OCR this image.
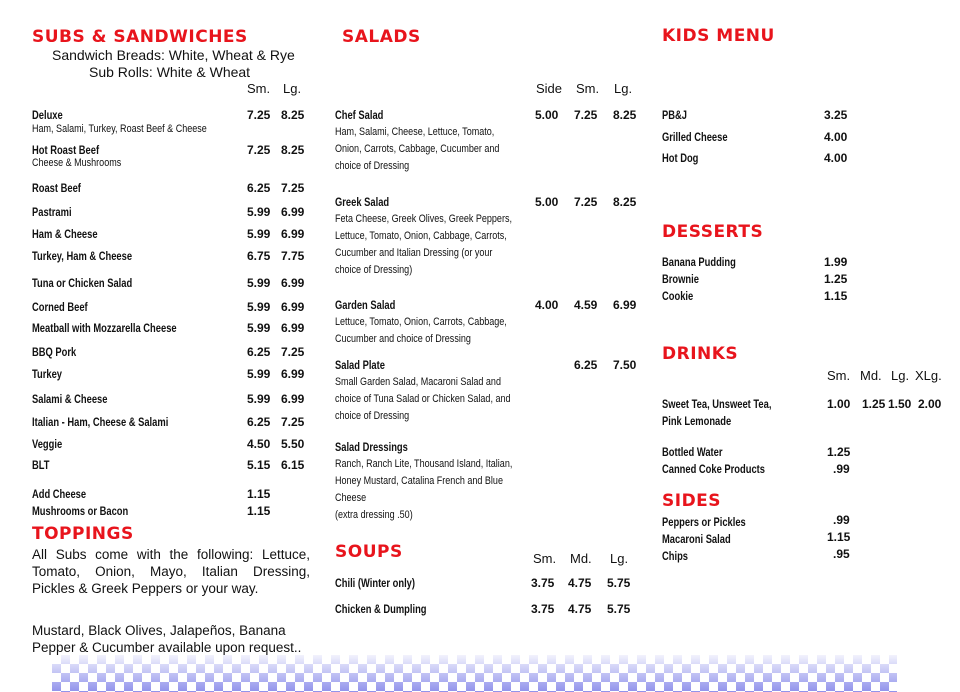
SUBS & SANDWICHES
Sandwich Breads: White, Wheat & Rye
Sub Rolls: White & Wheat
Sm. Lg.
Deluxe
Ham, Salami, Turkey, Roast Beef & Cheese
7.25 8.25
Hot Roast Beef
Cheese & Mushrooms
7.25 8.25
Roast Beef	6.25 7.25
Pastrami	5.99 6.99
Ham & Cheese	5.99 6.99
Turkey, Ham & Cheese	6.75 7.75
Tuna or Chicken Salad	5.99 6.99
Corned Beef	5.99 6.99
Meatball with Mozzarella Cheese	5.99 6.99
BBQ Pork	6.25 7.25
Turkey	5.99 6.99
Salami & Cheese	5.99 6.99
Italian - Ham, Cheese & Salami	6.25 7.25
Veggie	4.50 5.50
BLT	5.15 6.15
Add Cheese	1.15
Mushrooms or Bacon	1.15
TOPPINGS
All Subs come with the following: Lettuce, Tomato, Onion, Mayo, Italian Dressing, Pickles & Greek Peppers or your way.
Mustard, Black Olives, Jalapeños, Banana Pepper & Cucumber available upon request..
SALADS
Side Sm. Lg.
Chef Salad
Ham, Salami, Cheese, Lettuce, Tomato,
Onion, Carrots, Cabbage, Cucumber and
choice of Dressing
5.00 7.25 8.25
Greek Salad
Feta Cheese, Greek Olives, Greek Peppers,
Lettuce, Tomato, Onion, Cabbage, Carrots,
Cucumber and Italian Dressing (or your
choice of Dressing)
5.00 7.25 8.25
Garden Salad
Lettuce, Tomato, Onion, Carrots, Cabbage,
Cucumber and choice of Dressing
4.00 4.59 6.99
Salad Plate
Small Garden Salad, Macaroni Salad and
choice of Tuna Salad or Chicken Salad, and
choice of Dressing
6.25 7.50
Salad Dressings
Ranch, Ranch Lite, Thousand Island, Italian,
Honey Mustard, Catalina French and Blue
Cheese
(extra dressing .50)
SOUPS	Sm. Md. Lg.
Chili (Winter only)	3.75 4.75 5.75
Chicken & Dumpling	3.75 4.75 5.75
KIDS MENU
PB&J	3.25
Grilled Cheese	4.00
Hot Dog	4.00
DESSERTS
Banana Pudding	1.99
Brownie	1.25
Cookie	1.15
DRINKS
Sm. Md. Lg. XLg.
Sweet Tea, Unsweet Tea,
Pink Lemonade
1.00 1.25 1.50 2.00
Bottled Water	1.25
Canned Coke Products	.99
SIDES
Peppers or Pickles	.99
Macaroni Salad	1.15
Chips	.95
